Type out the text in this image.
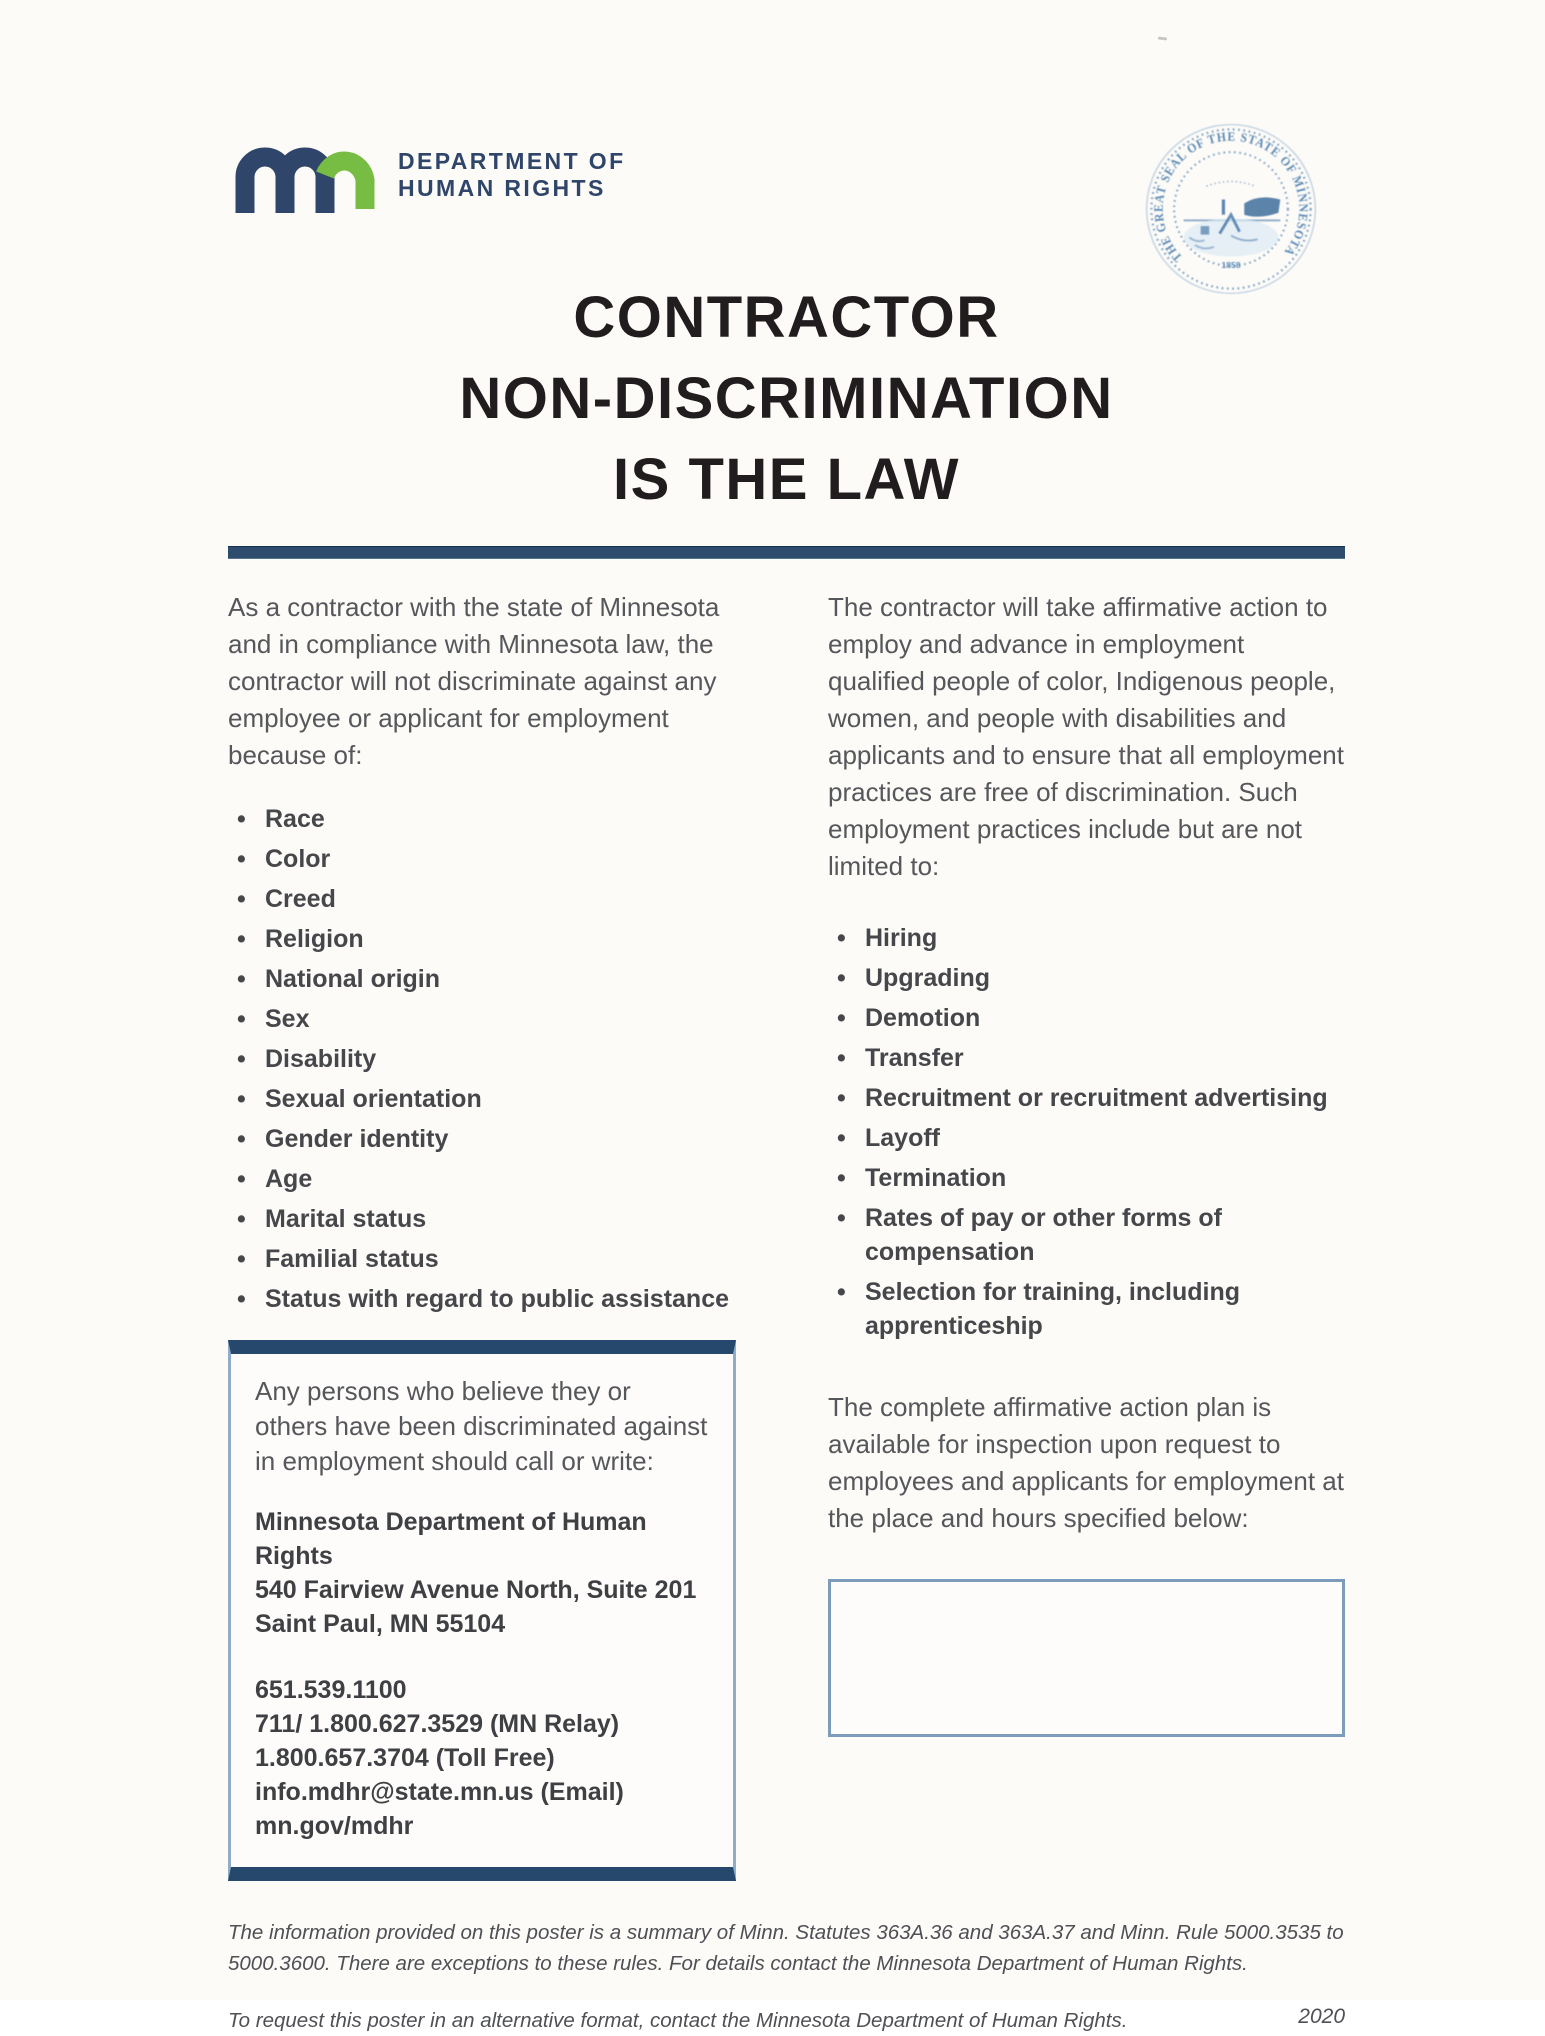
DEPARTMENT OF
HUMAN RIGHTS
THE GREAT SEAL OF THE STATE OF MINNESOTA
1858
CONTRACTOR
NON-DISCRIMINATION
IS THE LAW

As a contractor with the state of Minnesota and in compliance with Minnesota law, the contractor will not discriminate against any employee or applicant for employment because of:

• Race
• Color
• Creed
• Religion
• National origin
• Sex
• Disability
• Sexual orientation
• Gender identity
• Age
• Marital status
• Familial status
• Status with regard to public assistance

Any persons who believe they or others have been discriminated against in employment should call or write:

Minnesota Department of Human Rights
540 Fairview Avenue North, Suite 201
Saint Paul, MN 55104
651.539.1100
711/ 1.800.627.3529 (MN Relay)
1.800.657.3704 (Toll Free)
info.mdhr@state.mn.us (Email)
mn.gov/mdhr

The contractor will take affirmative action to employ and advance in employment qualified people of color, Indigenous people, women, and people with disabilities and applicants and to ensure that all employment practices are free of discrimination. Such employment practices include but are not limited to:

• Hiring
• Upgrading
• Demotion
• Transfer
• Recruitment or recruitment advertising
• Layoff
• Termination
• Rates of pay or other forms of compensation
• Selection for training, including apprenticeship

The complete affirmative action plan is available for inspection upon request to employees and applicants for employment at the place and hours specified below:

The information provided on this poster is a summary of Minn. Statutes 363A.36 and 363A.37 and Minn. Rule 5000.3535 to 5000.3600. There are exceptions to these rules. For details contact the Minnesota Department of Human Rights.

To request this poster in an alternative format, contact the Minnesota Department of Human Rights.	2020
